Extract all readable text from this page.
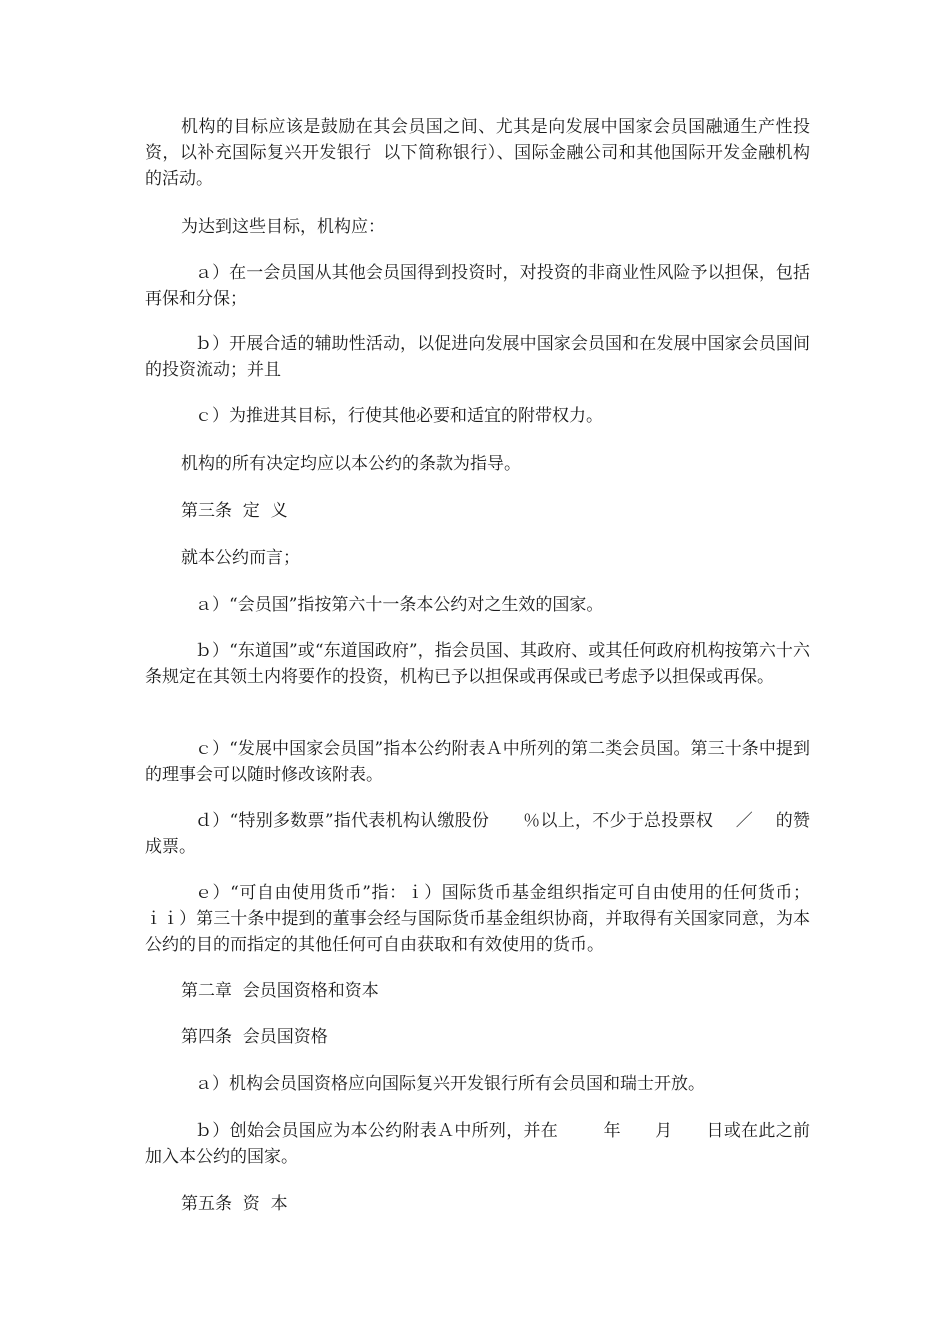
机构的目标应该是鼓励在其会员国之间、尤其是向发展中国家会员国融通生产性投资，以补充国际复兴开发银行  以下简称银行）、国际金融公司和其他国际开发金融机构的活动。

为达到这些目标，机构应：

ａ）在一会员国从其他会员国得到投资时，对投资的非商业性风险予以担保，包括再保和分保；

ｂ）开展合适的辅助性活动，以促进向发展中国家会员国和在发展中国家会员国间的投资流动；并且

ｃ）为推进其目标，行使其他必要和适宜的附带权力。

机构的所有决定均应以本公约的条款为指导。

第三条  定  义

就本公约而言；

ａ）“会员国”指按第六十一条本公约对之生效的国家。

ｂ）“东道国”或“东道国政府”，指会员国、其政府、或其任何政府机构按第六十六条规定在其领土内将要作的投资，机构已予以担保或再保或已考虑予以担保或再保。

ｃ）“发展中国家会员国”指本公约附表Ａ中所列的第二类会员国。第三十条中提到的理事会可以随时修改该附表。

ｄ）“特别多数票”指代表机构认缴股份      ％以上，不少于总投票权    ／    的赞成票。

ｅ）“可自由使用货币”指：ｉ）国际货币基金组织指定可自由使用的任何货币；  ｉｉ）第三十条中提到的董事会经与国际货币基金组织协商，并取得有关国家同意，为本公约的目的而指定的其他任何可自由获取和有效使用的货币。

第二章  会员国资格和资本

第四条  会员国资格

ａ）机构会员国资格应向国际复兴开发银行所有会员国和瑞士开放。

ｂ）创始会员国应为本公约附表Ａ中所列，并在        年      月      日或在此之前加入本公约的国家。

第五条  资  本
